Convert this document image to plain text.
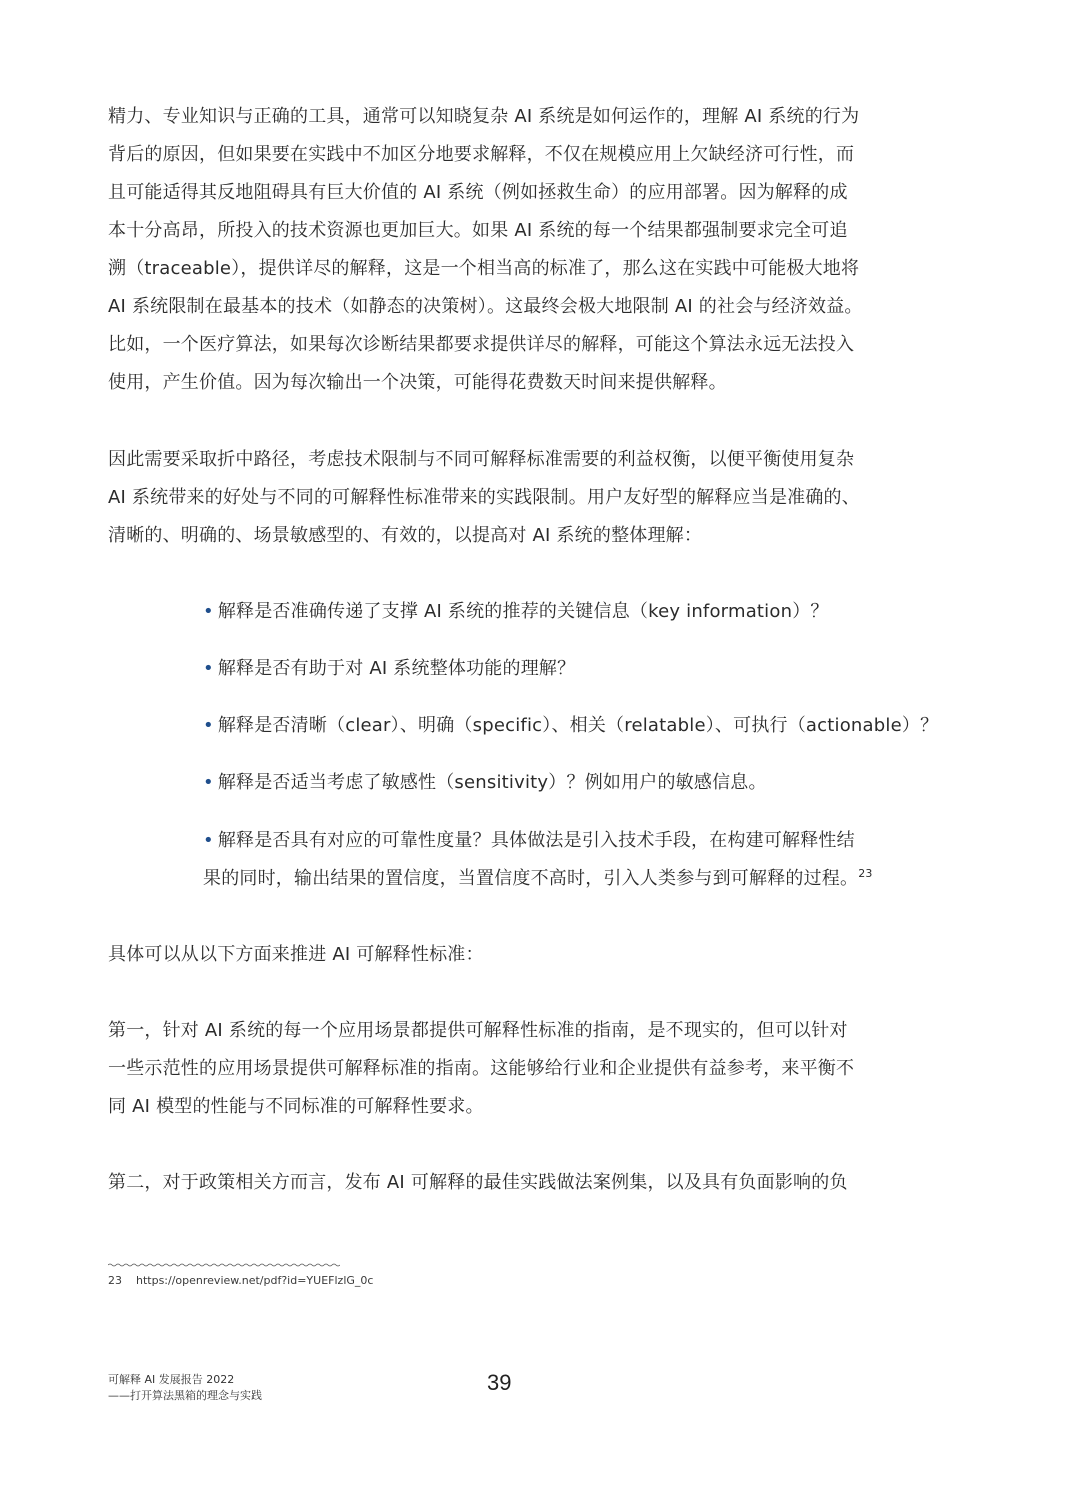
精力、专业知识与正确的工具，通常可以知晓复杂 AI 系统是如何运作的，理解 AI 系统的行为
背后的原因，但如果要在实践中不加区分地要求解释，不仅在规模应用上欠缺经济可行性，而
且可能适得其反地阻碍具有巨大价值的 AI 系统（例如拯救生命）的应用部署。因为解释的成
本十分高昂，所投入的技术资源也更加巨大。如果 AI 系统的每一个结果都强制要求完全可追
溯（traceable），提供详尽的解释，这是一个相当高的标准了，那么这在实践中可能极大地将
AI 系统限制在最基本的技术（如静态的决策树）。这最终会极大地限制 AI 的社会与经济效益。
比如，一个医疗算法，如果每次诊断结果都要求提供详尽的解释，可能这个算法永远无法投入
使用，产生价值。因为每次输出一个决策，可能得花费数天时间来提供解释。
因此需要采取折中路径，考虑技术限制与不同可解释标准需要的利益权衡，以便平衡使用复杂
AI 系统带来的好处与不同的可解释性标准带来的实践限制。用户友好型的解释应当是准确的、
清晰的、明确的、场景敏感型的、有效的，以提高对 AI 系统的整体理解：
• 解释是否准确传递了支撑 AI 系统的推荐的关键信息（key information）？
• 解释是否有助于对 AI 系统整体功能的理解？
• 解释是否清晰（clear）、明确（specific）、相关（relatable）、可执行（actionable）？
• 解释是否适当考虑了敏感性（sensitivity）？例如用户的敏感信息。
• 解释是否具有对应的可靠性度量？具体做法是引入技术手段，在构建可解释性结
果的同时，输出结果的置信度，当置信度不高时，引入人类参与到可解释的过程。$^{23}$
具体可以从以下方面来推进 AI 可解释性标准：
第一，针对 AI 系统的每一个应用场景都提供可解释性标准的指南，是不现实的，但可以针对
一些示范性的应用场景提供可解释标准的指南。这能够给行业和企业提供有益参考，来平衡不
同 AI 模型的性能与不同标准的可解释性要求。
第二，对于政策相关方而言，发布 AI 可解释的最佳实践做法案例集，以及具有负面影响的负
23 https://openreview.net/pdf?id=YUEFlzlG_0c
可解释 AI 发展报告 2022
——打开算法黑箱的理念与实践
39
